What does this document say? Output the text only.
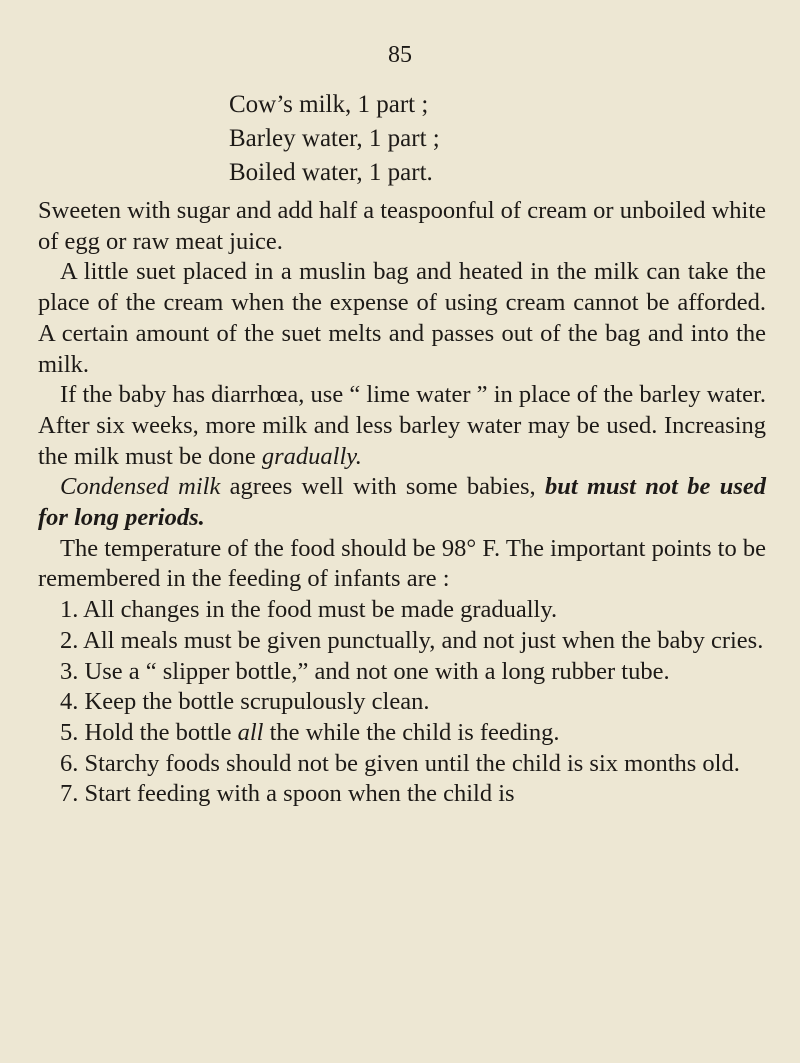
85
Cow’s milk, 1 part ;
Barley water, 1 part ;
Boiled water, 1 part.

Sweeten with sugar and add half a teaspoonful of cream or unboiled white of egg or raw meat juice.

A little suet placed in a muslin bag and heated in the milk can take the place of the cream when the expense of using cream cannot be afforded. A certain amount of the suet melts and passes out of the bag and into the milk.

If the baby has diarrhœa, use “ lime water ” in place of the barley water. After six weeks, more milk and less barley water may be used. Increasing the milk must be done gradually.

Condensed milk agrees well with some babies, but must not be used for long periods.

The temperature of the food should be 98° F. The important points to be remembered in the feeding of infants are :

1. All changes in the food must be made gradually.

2. All meals must be given punctually, and not just when the baby cries.

3. Use a “ slipper bottle,” and not one with a long rubber tube.

4. Keep the bottle scrupulously clean.

5. Hold the bottle all the while the child is feeding.

6. Starchy foods should not be given until the child is six months old.

7. Start feeding with a spoon when the child is
